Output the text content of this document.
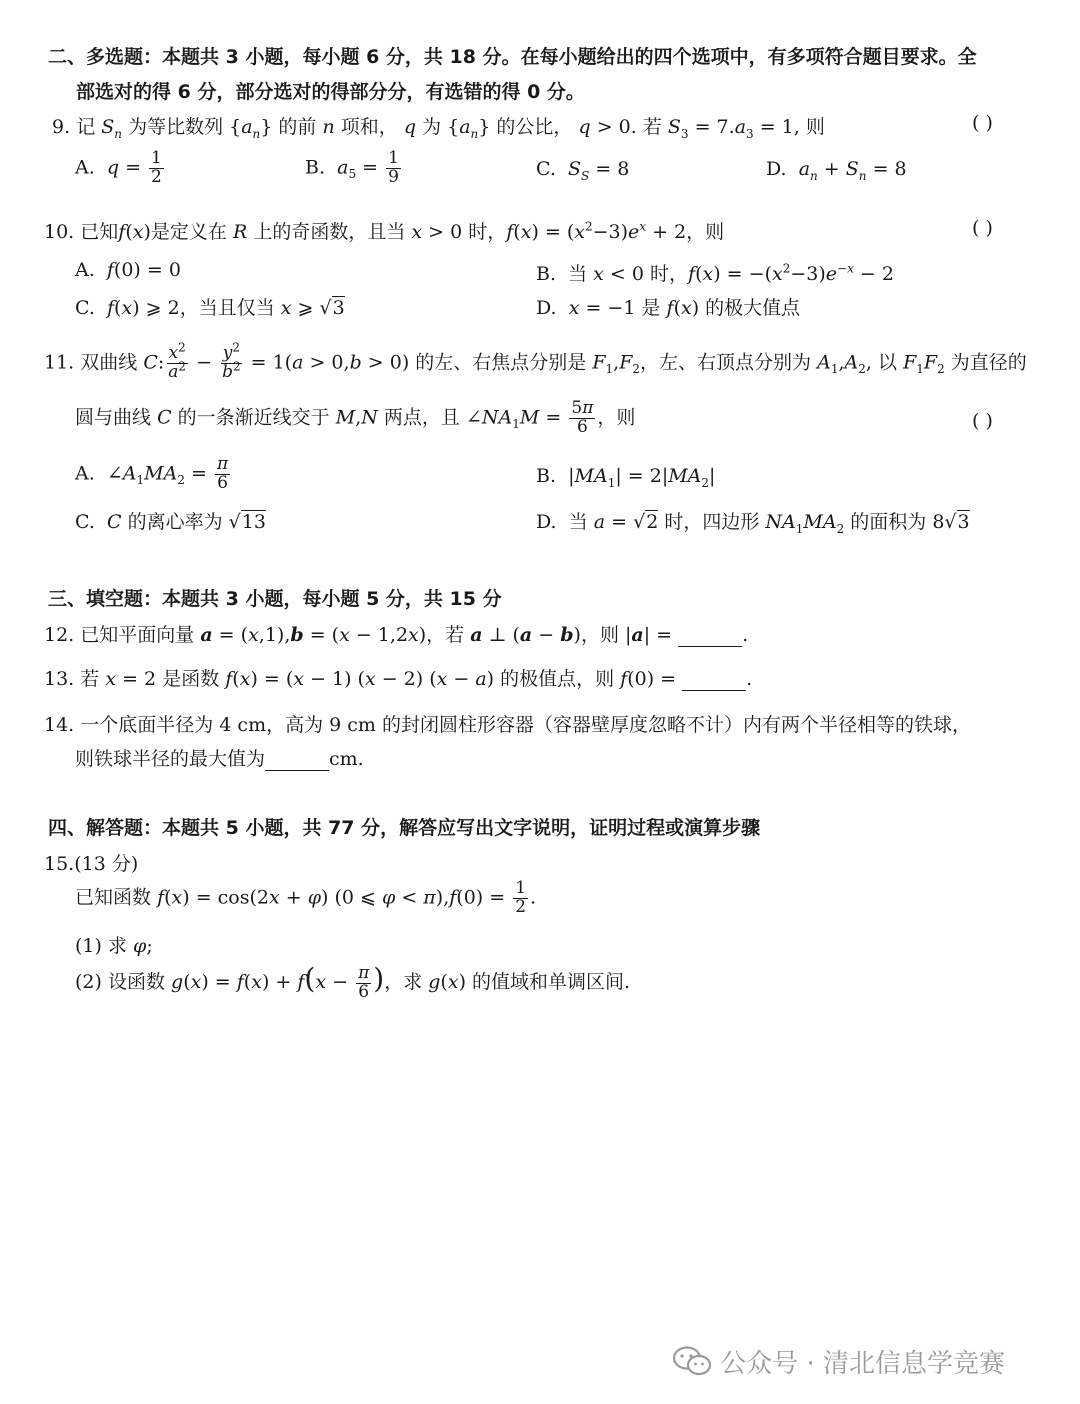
二、多选题：本题共 3 小题，每小题 6 分，共 18 分。在每小题给出的四个选项中，有多项符合题目要求。全
部选对的得 6 分，部分选对的得部分分，有选错的得 0 分。
9. 记 $S_n$ 为等比数列 $\{a_n\}$ 的前 n 项和， q 为 $\{a_n\}$ 的公比， q > 0. 若 $S_3 = 7.a_3 = 1$, 则	( )
A. $q = \frac{1}{2}$	B. $a_5 = \frac{1}{9}$	C. $S_S = 8$	D. $a_n + S_n = 8$
10. 已知f(x)是定义在 R 上的奇函数，且当 x > 0 时，$f(x) = (x^2-3)e^x + 2$，则	( )
A. f(0) = 0	B. 当 x < 0 时，$f(x) = -(x^2-3)e^{-x} - 2$
C. f(x) ⩾ 2，当且仅当 x ⩾ √3	D. x = −1 是 f(x) 的极大值点
11. 双曲线 C: $\frac{x^2}{a^2} - \frac{y^2}{b^2} = 1(a > 0,b > 0)$ 的左、右焦点分别是 $F_1,F_2$，左、右顶点分别为 $A_1,A_2$, 以 $F_1F_2$ 为直径的
圆与曲线 C 的一条渐近线交于 M,N 两点，且 $\angle NA_1M = \frac{5\pi}{6}$ ，则	( )
A.  $\angle A_1MA_2 = \frac{\pi}{6}$	B.  $|MA_1| = 2|MA_2|$
C. C 的离心率为 √13	D. 当 a = √2 时，四边形 $NA_1MA_2$ 的面积为 8√3
三、填空题：本题共 3 小题，每小题 5 分，共 15 分
12. 已知平面向量 a = (x,1),b = (x − 1,2x)，若 a ⊥ (a − b)，则 |a| =	.
13. 若 x = 2 是函数 f(x) = (x − 1) (x − 2) (x − a) 的极值点，则 f(0) =	.
14. 一个底面半径为 4 cm，高为 9 cm 的封闭圆柱形容器（容器壁厚度忽略不计）内有两个半径相等的铁球，
则铁球半径的最大值为	cm.
四、解答题：本题共 5 小题，共 77 分，解答应写出文字说明，证明过程或演算步骤
15.(13 分)
已知函数 f(x) = cos(2x + φ) (0 ⩽ $\varphi < \pi),f(0) = \frac{1}{2}$ .
(1) 求 φ;
(2) 设函数 $g(x) = f(x) + f(x - \frac{\pi}{6}$ )，求 g(x) 的值域和单调区间.
公众号 · 清北信息学竞赛
